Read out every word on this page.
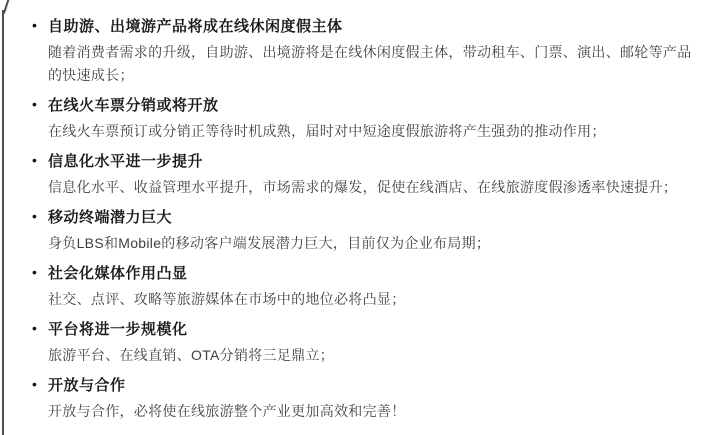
• 自助游、出境游产品将成在线休闲度假主体

随着消费者需求的升级，自助游、出境游将是在线休闲度假主体，带动租车、门票、演出、邮轮等产品的快速成长；

• 在线火车票分销或将开放

在线火车票预订或分销正等待时机成熟，届时对中短途度假旅游将产生强劲的推动作用；

• 信息化水平进一步提升

信息化水平、收益管理水平提升，市场需求的爆发，促使在线酒店、在线旅游度假渗透率快速提升；

• 移动终端潜力巨大

身负LBS和Mobile的移动客户端发展潜力巨大，目前仅为企业布局期；

• 社会化媒体作用凸显

社交、点评、攻略等旅游媒体在市场中的地位必将凸显；

• 平台将进一步规模化

旅游平台、在线直销、OTA分销将三足鼎立；

• 开放与合作

开放与合作，必将使在线旅游整个产业更加高效和完善！
